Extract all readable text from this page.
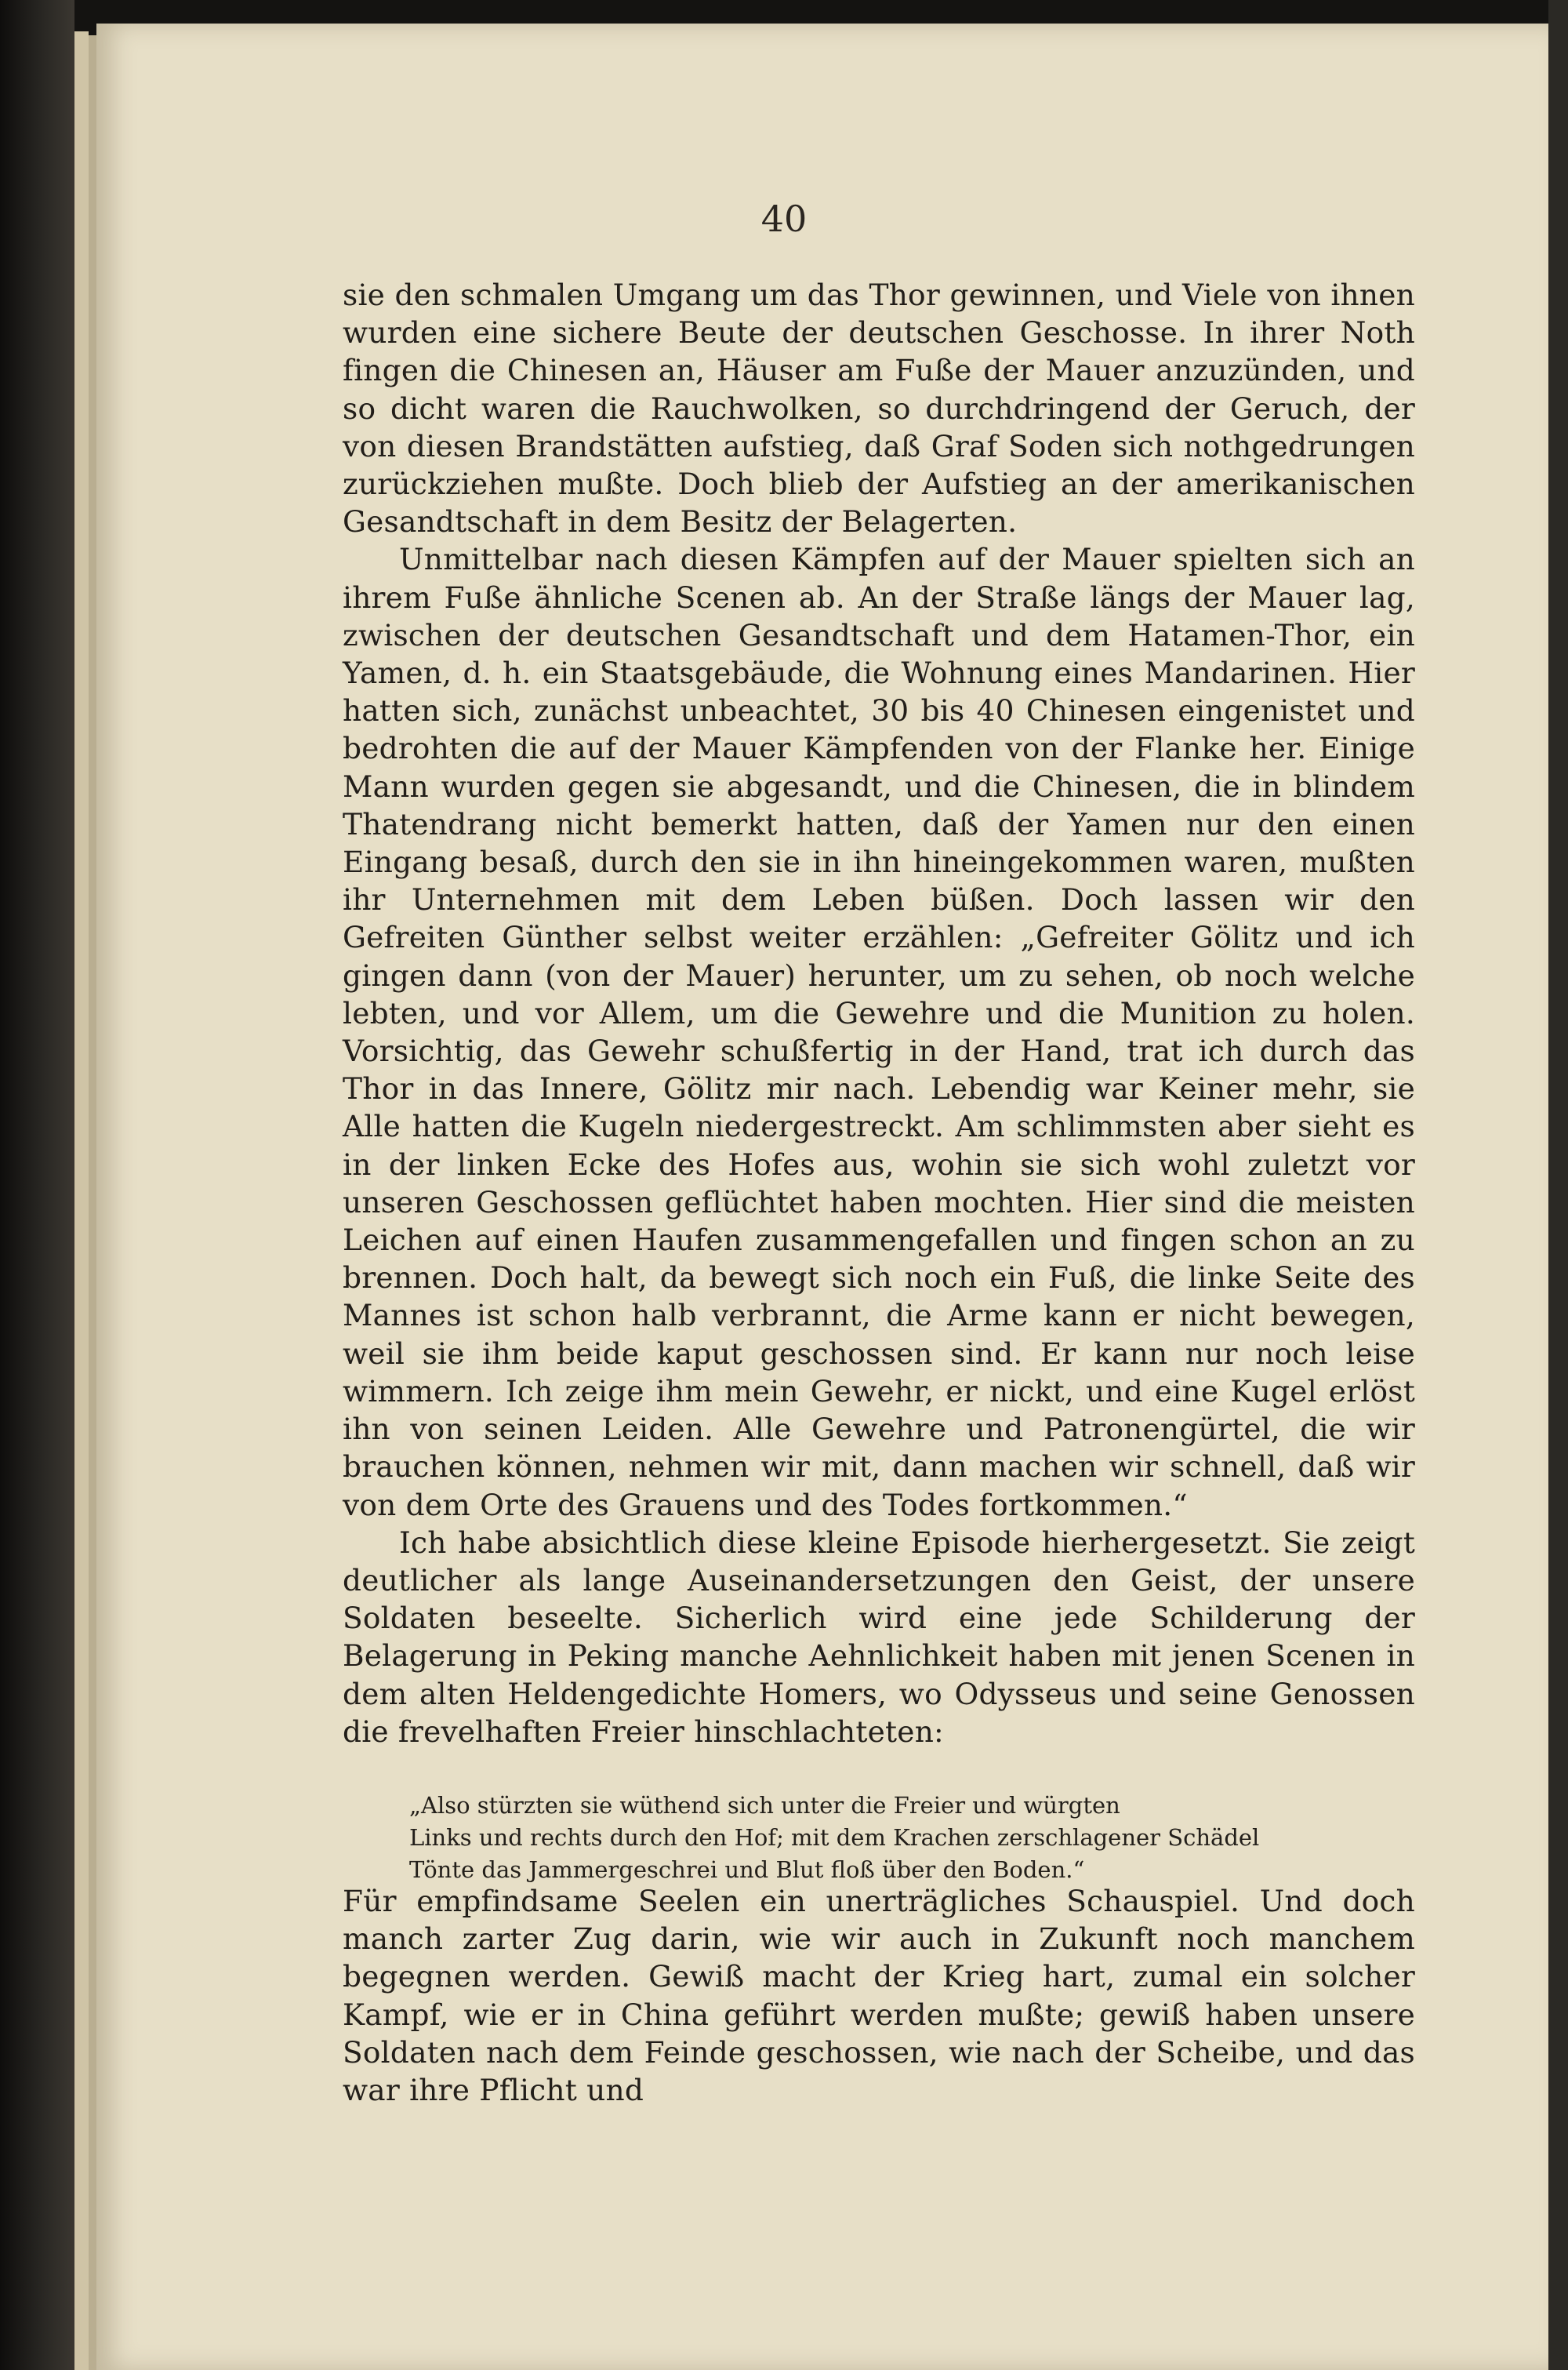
40

sie den schmalen Umgang um das Thor gewinnen, und Viele von ihnen wurden eine sichere Beute der deutschen Geschosse. In ihrer Noth fingen die Chinesen an, Häuser am Fuße der Mauer anzuzünden, und so dicht waren die Rauchwolken, so durchdringend der Geruch, der von diesen Brandstätten aufstieg, daß Graf Soden sich nothgedrungen zurückziehen mußte. Doch blieb der Aufstieg an der amerikanischen Gesandtschaft in dem Besitz der Belagerten.

Unmittelbar nach diesen Kämpfen auf der Mauer spielten sich an ihrem Fuße ähnliche Scenen ab. An der Straße längs der Mauer lag, zwischen der deutschen Gesandtschaft und dem Hatamen-Thor, ein Yamen, d. h. ein Staatsgebäude, die Wohnung eines Mandarinen. Hier hatten sich, zunächst unbeachtet, 30 bis 40 Chinesen eingenistet und bedrohten die auf der Mauer Kämpfenden von der Flanke her. Einige Mann wurden gegen sie abgesandt, und die Chinesen, die in blindem Thatendrang nicht bemerkt hatten, daß der Yamen nur den einen Eingang besaß, durch den sie in ihn hineingekommen waren, mußten ihr Unternehmen mit dem Leben büßen. Doch lassen wir den Gefreiten Günther selbst weiter erzählen: „Gefreiter Gölitz und ich gingen dann (von der Mauer) herunter, um zu sehen, ob noch welche lebten, und vor Allem, um die Gewehre und die Munition zu holen. Vorsichtig, das Gewehr schußfertig in der Hand, trat ich durch das Thor in das Innere, Gölitz mir nach. Lebendig war Keiner mehr, sie Alle hatten die Kugeln niedergestreckt. Am schlimmsten aber sieht es in der linken Ecke des Hofes aus, wohin sie sich wohl zuletzt vor unseren Geschossen geflüchtet haben mochten. Hier sind die meisten Leichen auf einen Haufen zusammengefallen und fingen schon an zu brennen. Doch halt, da bewegt sich noch ein Fuß, die linke Seite des Mannes ist schon halb verbrannt, die Arme kann er nicht bewegen, weil sie ihm beide kaput geschossen sind. Er kann nur noch leise wimmern. Ich zeige ihm mein Gewehr, er nickt, und eine Kugel erlöst ihn von seinen Leiden. Alle Gewehre und Patronengürtel, die wir brauchen können, nehmen wir mit, dann machen wir schnell, daß wir von dem Orte des Grauens und des Todes fortkommen.“

Ich habe absichtlich diese kleine Episode hierhergesetzt. Sie zeigt deutlicher als lange Auseinandersetzungen den Geist, der unsere Soldaten beseelte. Sicherlich wird eine jede Schilderung der Belagerung in Peking manche Aehnlichkeit haben mit jenen Scenen in dem alten Heldengedichte Homers, wo Odysseus und seine Genossen die frevelhaften Freier hinschlachteten:

„Also stürzten sie wüthend sich unter die Freier und würgten
Links und rechts durch den Hof; mit dem Krachen zerschlagener Schädel
Tönte das Jammergeschrei und Blut floß über den Boden.“

Für empfindsame Seelen ein unerträgliches Schauspiel. Und doch manch zarter Zug darin, wie wir auch in Zukunft noch manchem begegnen werden. Gewiß macht der Krieg hart, zumal ein solcher Kampf, wie er in China geführt werden mußte; gewiß haben unsere Soldaten nach dem Feinde geschossen, wie nach der Scheibe, und das war ihre Pflicht und
